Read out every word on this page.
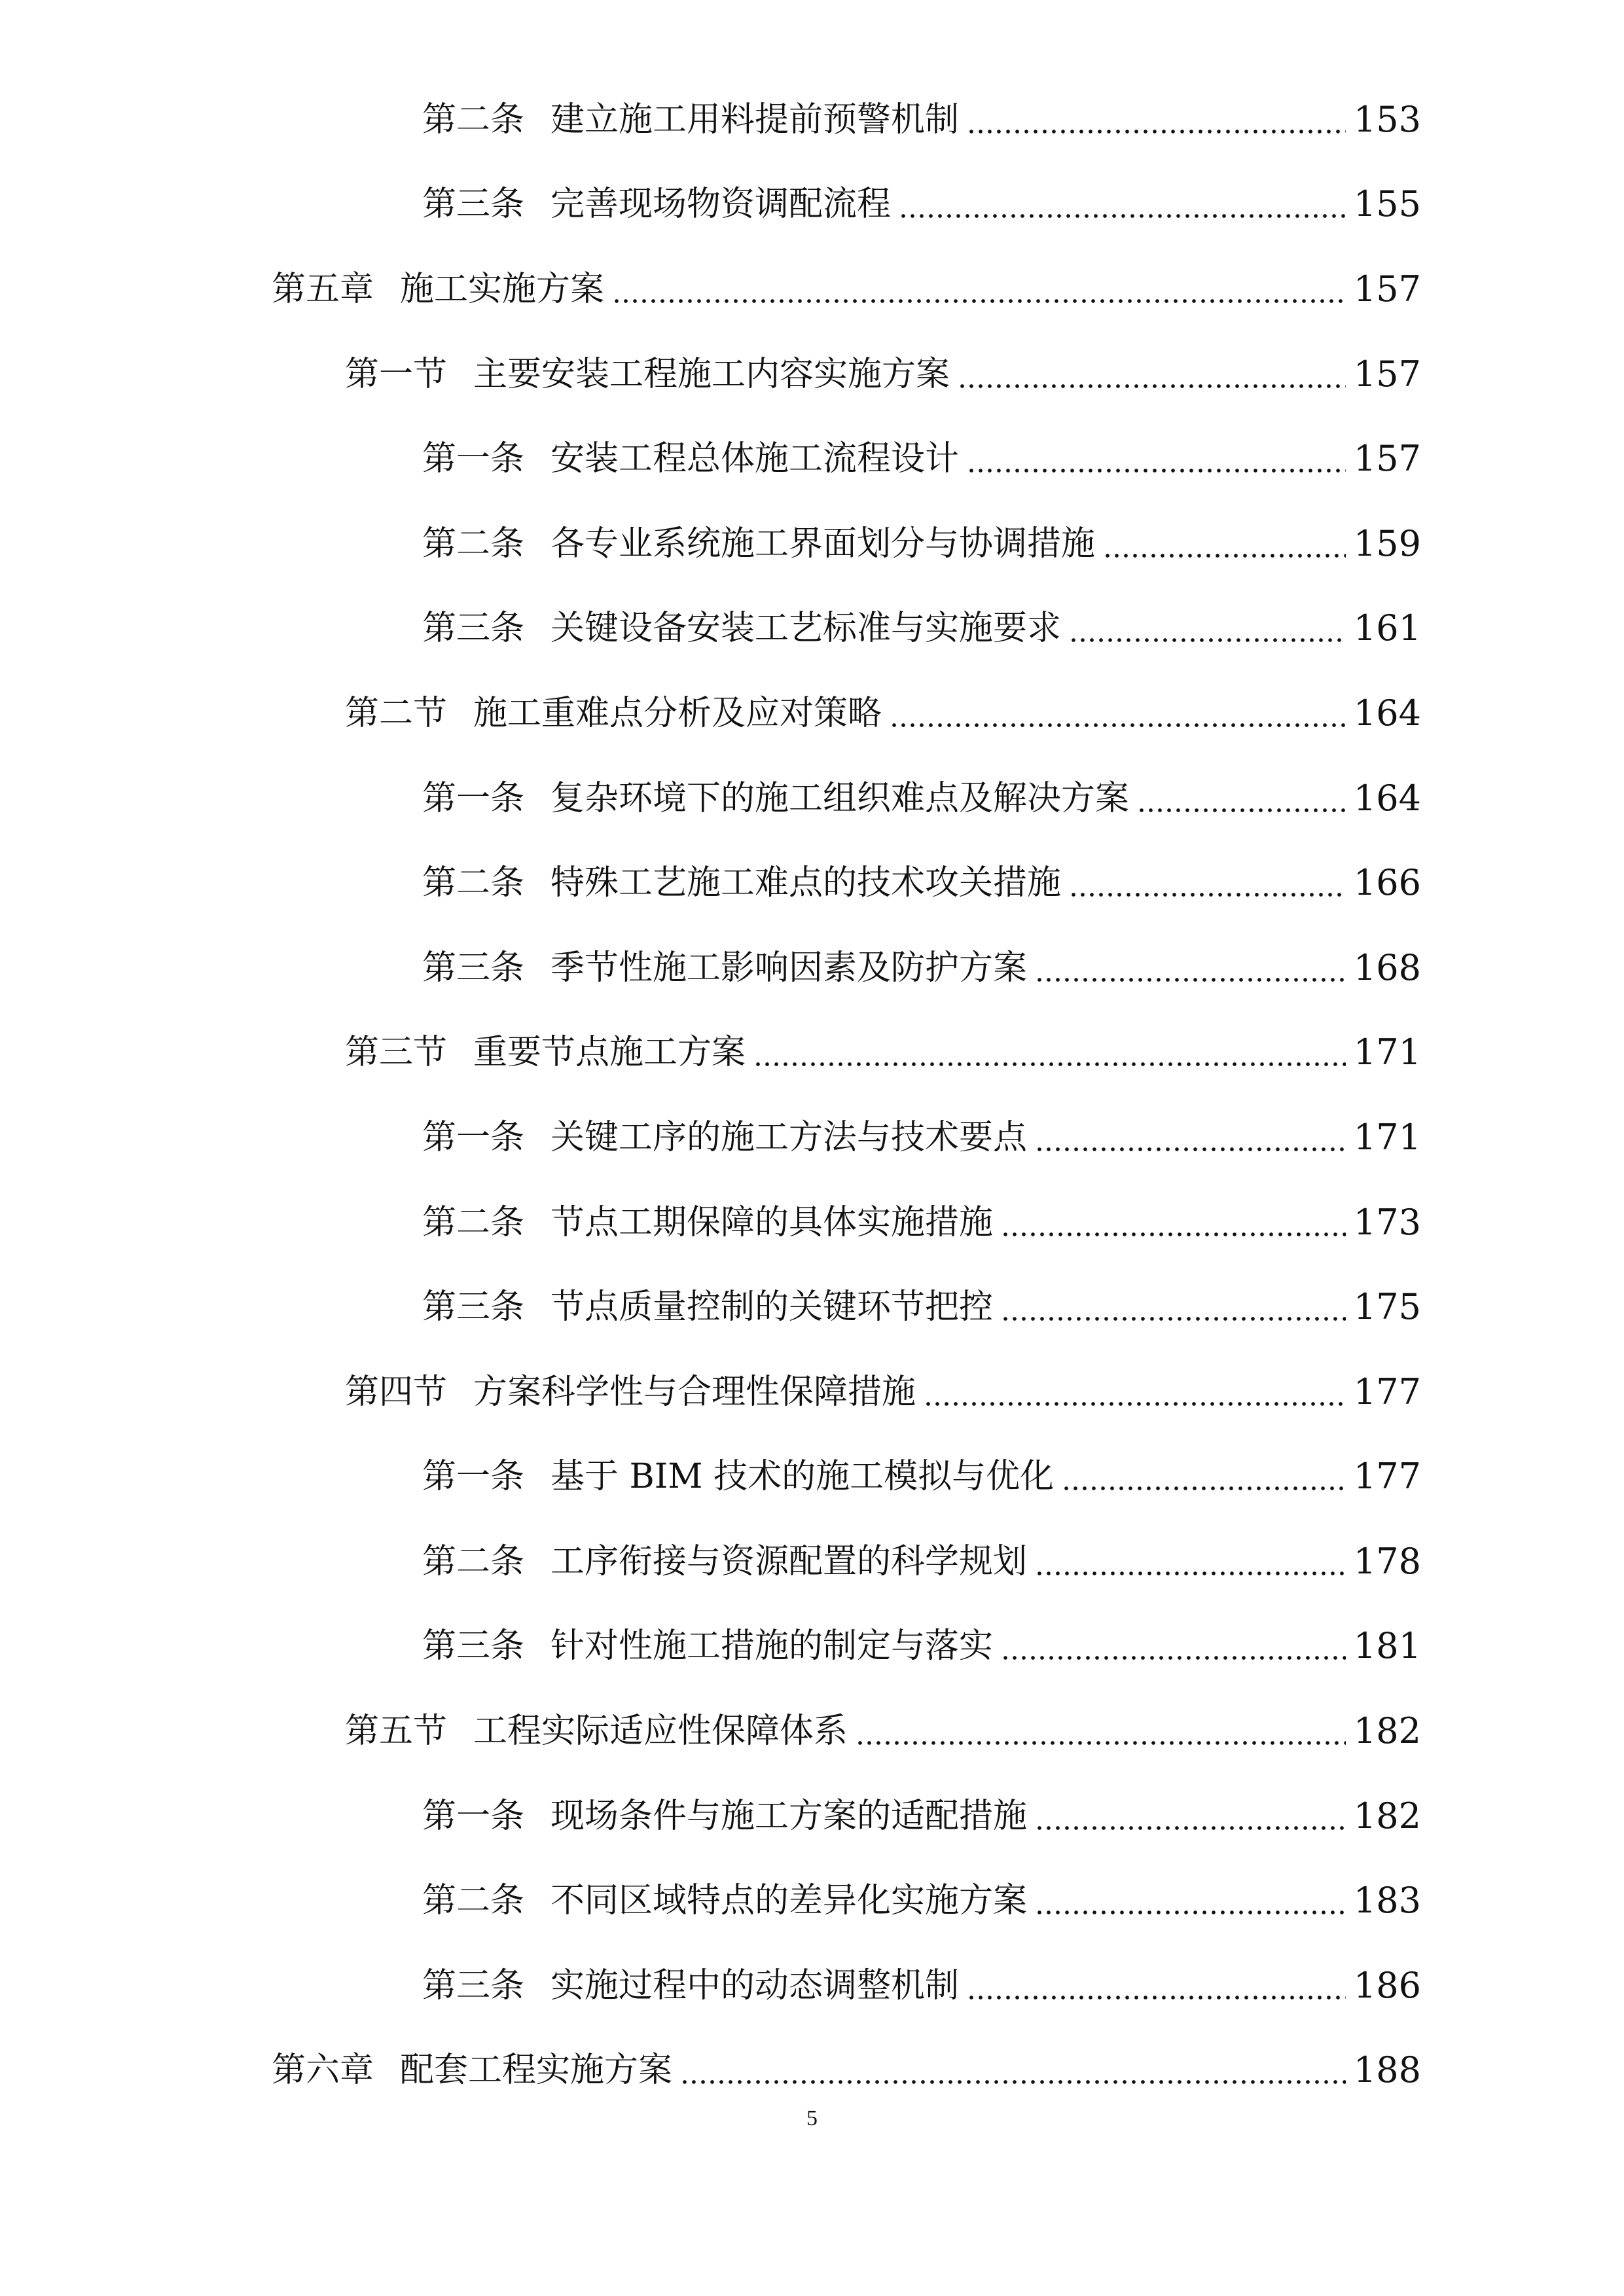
第二条 建立施工用料提前预警机制	153
第三条 完善现场物资调配流程	155
第五章 施工实施方案	157
第一节 主要安装工程施工内容实施方案	157
第一条 安装工程总体施工流程设计	157
第二条 各专业系统施工界面划分与协调措施	159
第三条 关键设备安装工艺标准与实施要求	161
第二节 施工重难点分析及应对策略	164
第一条 复杂环境下的施工组织难点及解决方案	164
第二条 特殊工艺施工难点的技术攻关措施	166
第三条 季节性施工影响因素及防护方案	168
第三节 重要节点施工方案	171
第一条 关键工序的施工方法与技术要点	171
第二条 节点工期保障的具体实施措施	173
第三条 节点质量控制的关键环节把控	175
第四节 方案科学性与合理性保障措施	177
第一条 基于 BIM 技术的施工模拟与优化	177
第二条 工序衔接与资源配置的科学规划	178
第三条 针对性施工措施的制定与落实	181
第五节 工程实际适应性保障体系	182
第一条 现场条件与施工方案的适配措施	182
第二条 不同区域特点的差异化实施方案	183
第三条 实施过程中的动态调整机制	186
第六章 配套工程实施方案	188
5
